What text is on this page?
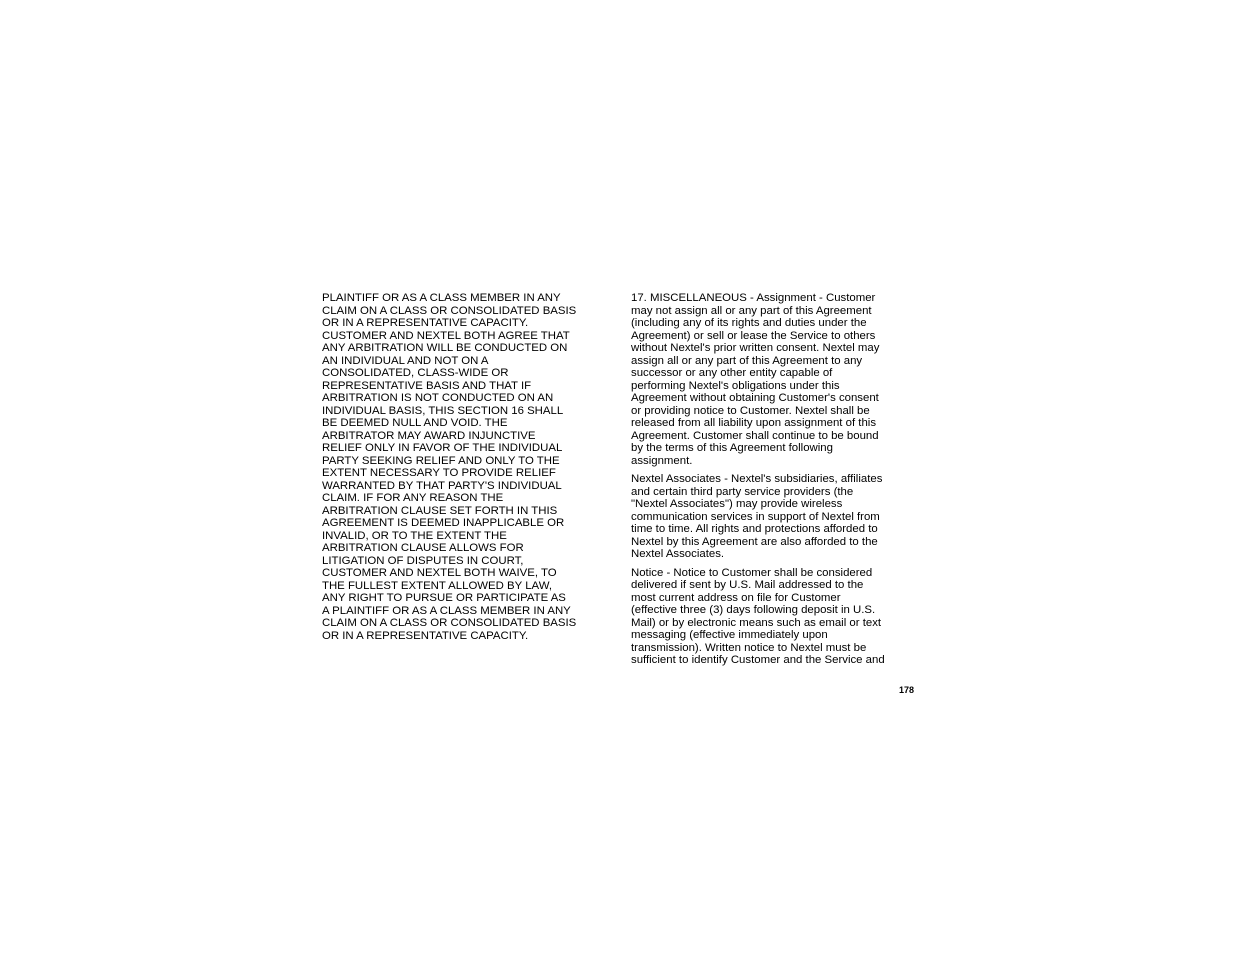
PLAINTIFF OR AS A CLASS MEMBER IN ANY
CLAIM ON A CLASS OR CONSOLIDATED BASIS
OR IN A REPRESENTATIVE CAPACITY.
CUSTOMER AND NEXTEL BOTH AGREE THAT
ANY ARBITRATION WILL BE CONDUCTED ON
AN INDIVIDUAL AND NOT ON A
CONSOLIDATED, CLASS-WIDE OR
REPRESENTATIVE BASIS AND THAT IF
ARBITRATION IS NOT CONDUCTED ON AN
INDIVIDUAL BASIS, THIS SECTION 16 SHALL
BE DEEMED NULL AND VOID. THE
ARBITRATOR MAY AWARD INJUNCTIVE
RELIEF ONLY IN FAVOR OF THE INDIVIDUAL
PARTY SEEKING RELIEF AND ONLY TO THE
EXTENT NECESSARY TO PROVIDE RELIEF
WARRANTED BY THAT PARTY'S INDIVIDUAL
CLAIM. IF FOR ANY REASON THE
ARBITRATION CLAUSE SET FORTH IN THIS
AGREEMENT IS DEEMED INAPPLICABLE OR
INVALID, OR TO THE EXTENT THE
ARBITRATION CLAUSE ALLOWS FOR
LITIGATION OF DISPUTES IN COURT,
CUSTOMER AND NEXTEL BOTH WAIVE, TO
THE FULLEST EXTENT ALLOWED BY LAW,
ANY RIGHT TO PURSUE OR PARTICIPATE AS
A PLAINTIFF OR AS A CLASS MEMBER IN ANY
CLAIM ON A CLASS OR CONSOLIDATED BASIS
OR IN A REPRESENTATIVE CAPACITY.
17. MISCELLANEOUS - Assignment - Customer
may not assign all or any part of this Agreement
(including any of its rights and duties under the
Agreement) or sell or lease the Service to others
without Nextel's prior written consent. Nextel may
assign all or any part of this Agreement to any
successor or any other entity capable of
performing Nextel's obligations under this
Agreement without obtaining Customer's consent
or providing notice to Customer. Nextel shall be
released from all liability upon assignment of this
Agreement. Customer shall continue to be bound
by the terms of this Agreement following
assignment.
Nextel Associates - Nextel's subsidiaries, affiliates
and certain third party service providers (the
"Nextel Associates") may provide wireless
communication services in support of Nextel from
time to time. All rights and protections afforded to
Nextel by this Agreement are also afforded to the
Nextel Associates.
Notice - Notice to Customer shall be considered
delivered if sent by U.S. Mail addressed to the
most current address on file for Customer
(effective three (3) days following deposit in U.S.
Mail) or by electronic means such as email or text
messaging (effective immediately upon
transmission). Written notice to Nextel must be
sufficient to identify Customer and the Service and
178
